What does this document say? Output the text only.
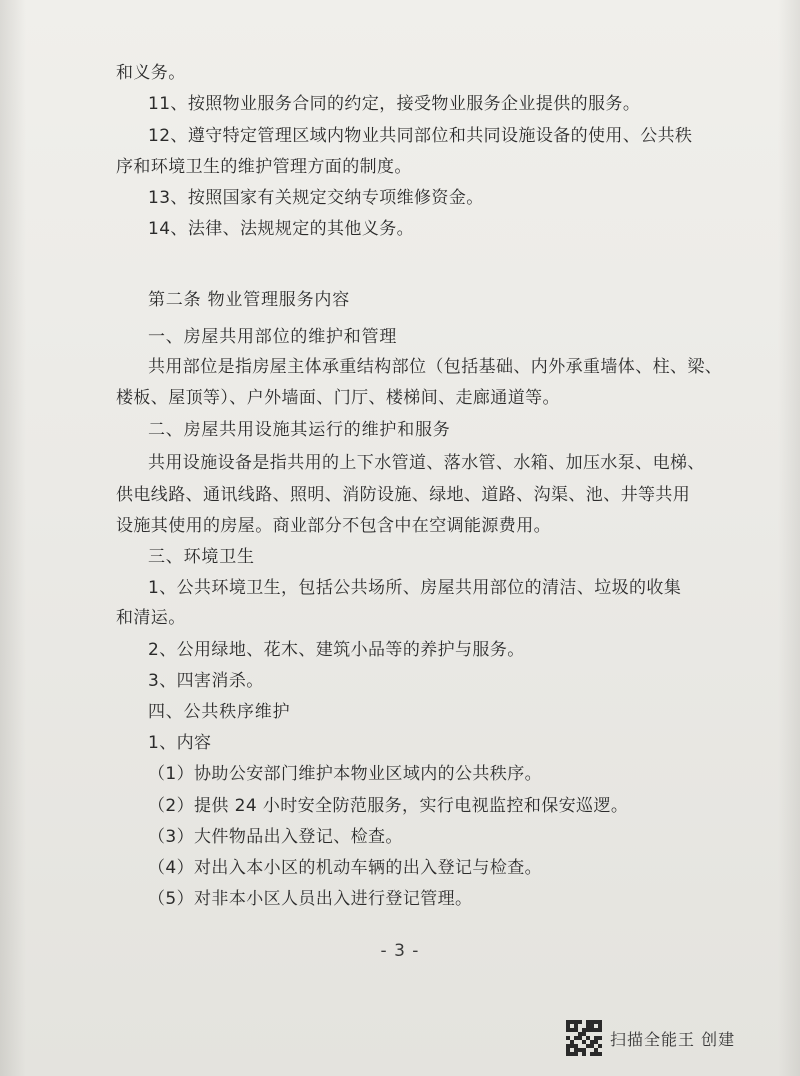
和义务。
11、按照物业服务合同的约定，接受物业服务企业提供的服务。
12、遵守特定管理区域内物业共同部位和共同设施设备的使用、公共秩
序和环境卫生的维护管理方面的制度。
13、按照国家有关规定交纳专项维修资金。
14、法律、法规规定的其他义务。
第二条 物业管理服务内容
一、房屋共用部位的维护和管理
共用部位是指房屋主体承重结构部位（包括基础、内外承重墙体、柱、梁、
楼板、屋顶等）、户外墙面、门厅、楼梯间、走廊通道等。
二、房屋共用设施其运行的维护和服务
共用设施设备是指共用的上下水管道、落水管、水箱、加压水泵、电梯、
供电线路、通讯线路、照明、消防设施、绿地、道路、沟渠、池、井等共用
设施其使用的房屋。商业部分不包含中在空调能源费用。
三、环境卫生
1、公共环境卫生，包括公共场所、房屋共用部位的清洁、垃圾的收集
和清运。
2、公用绿地、花木、建筑小品等的养护与服务。
3、四害消杀。
四、公共秩序维护
1、内容
（1）协助公安部门维护本物业区域内的公共秩序。
（2）提供 24 小时安全防范服务，实行电视监控和保安巡逻。
（3）大件物品出入登记、检查。
（4）对出入本小区的机动车辆的出入登记与检查。
（5）对非本小区人员出入进行登记管理。
- 3 -
扫描全能王 创建
